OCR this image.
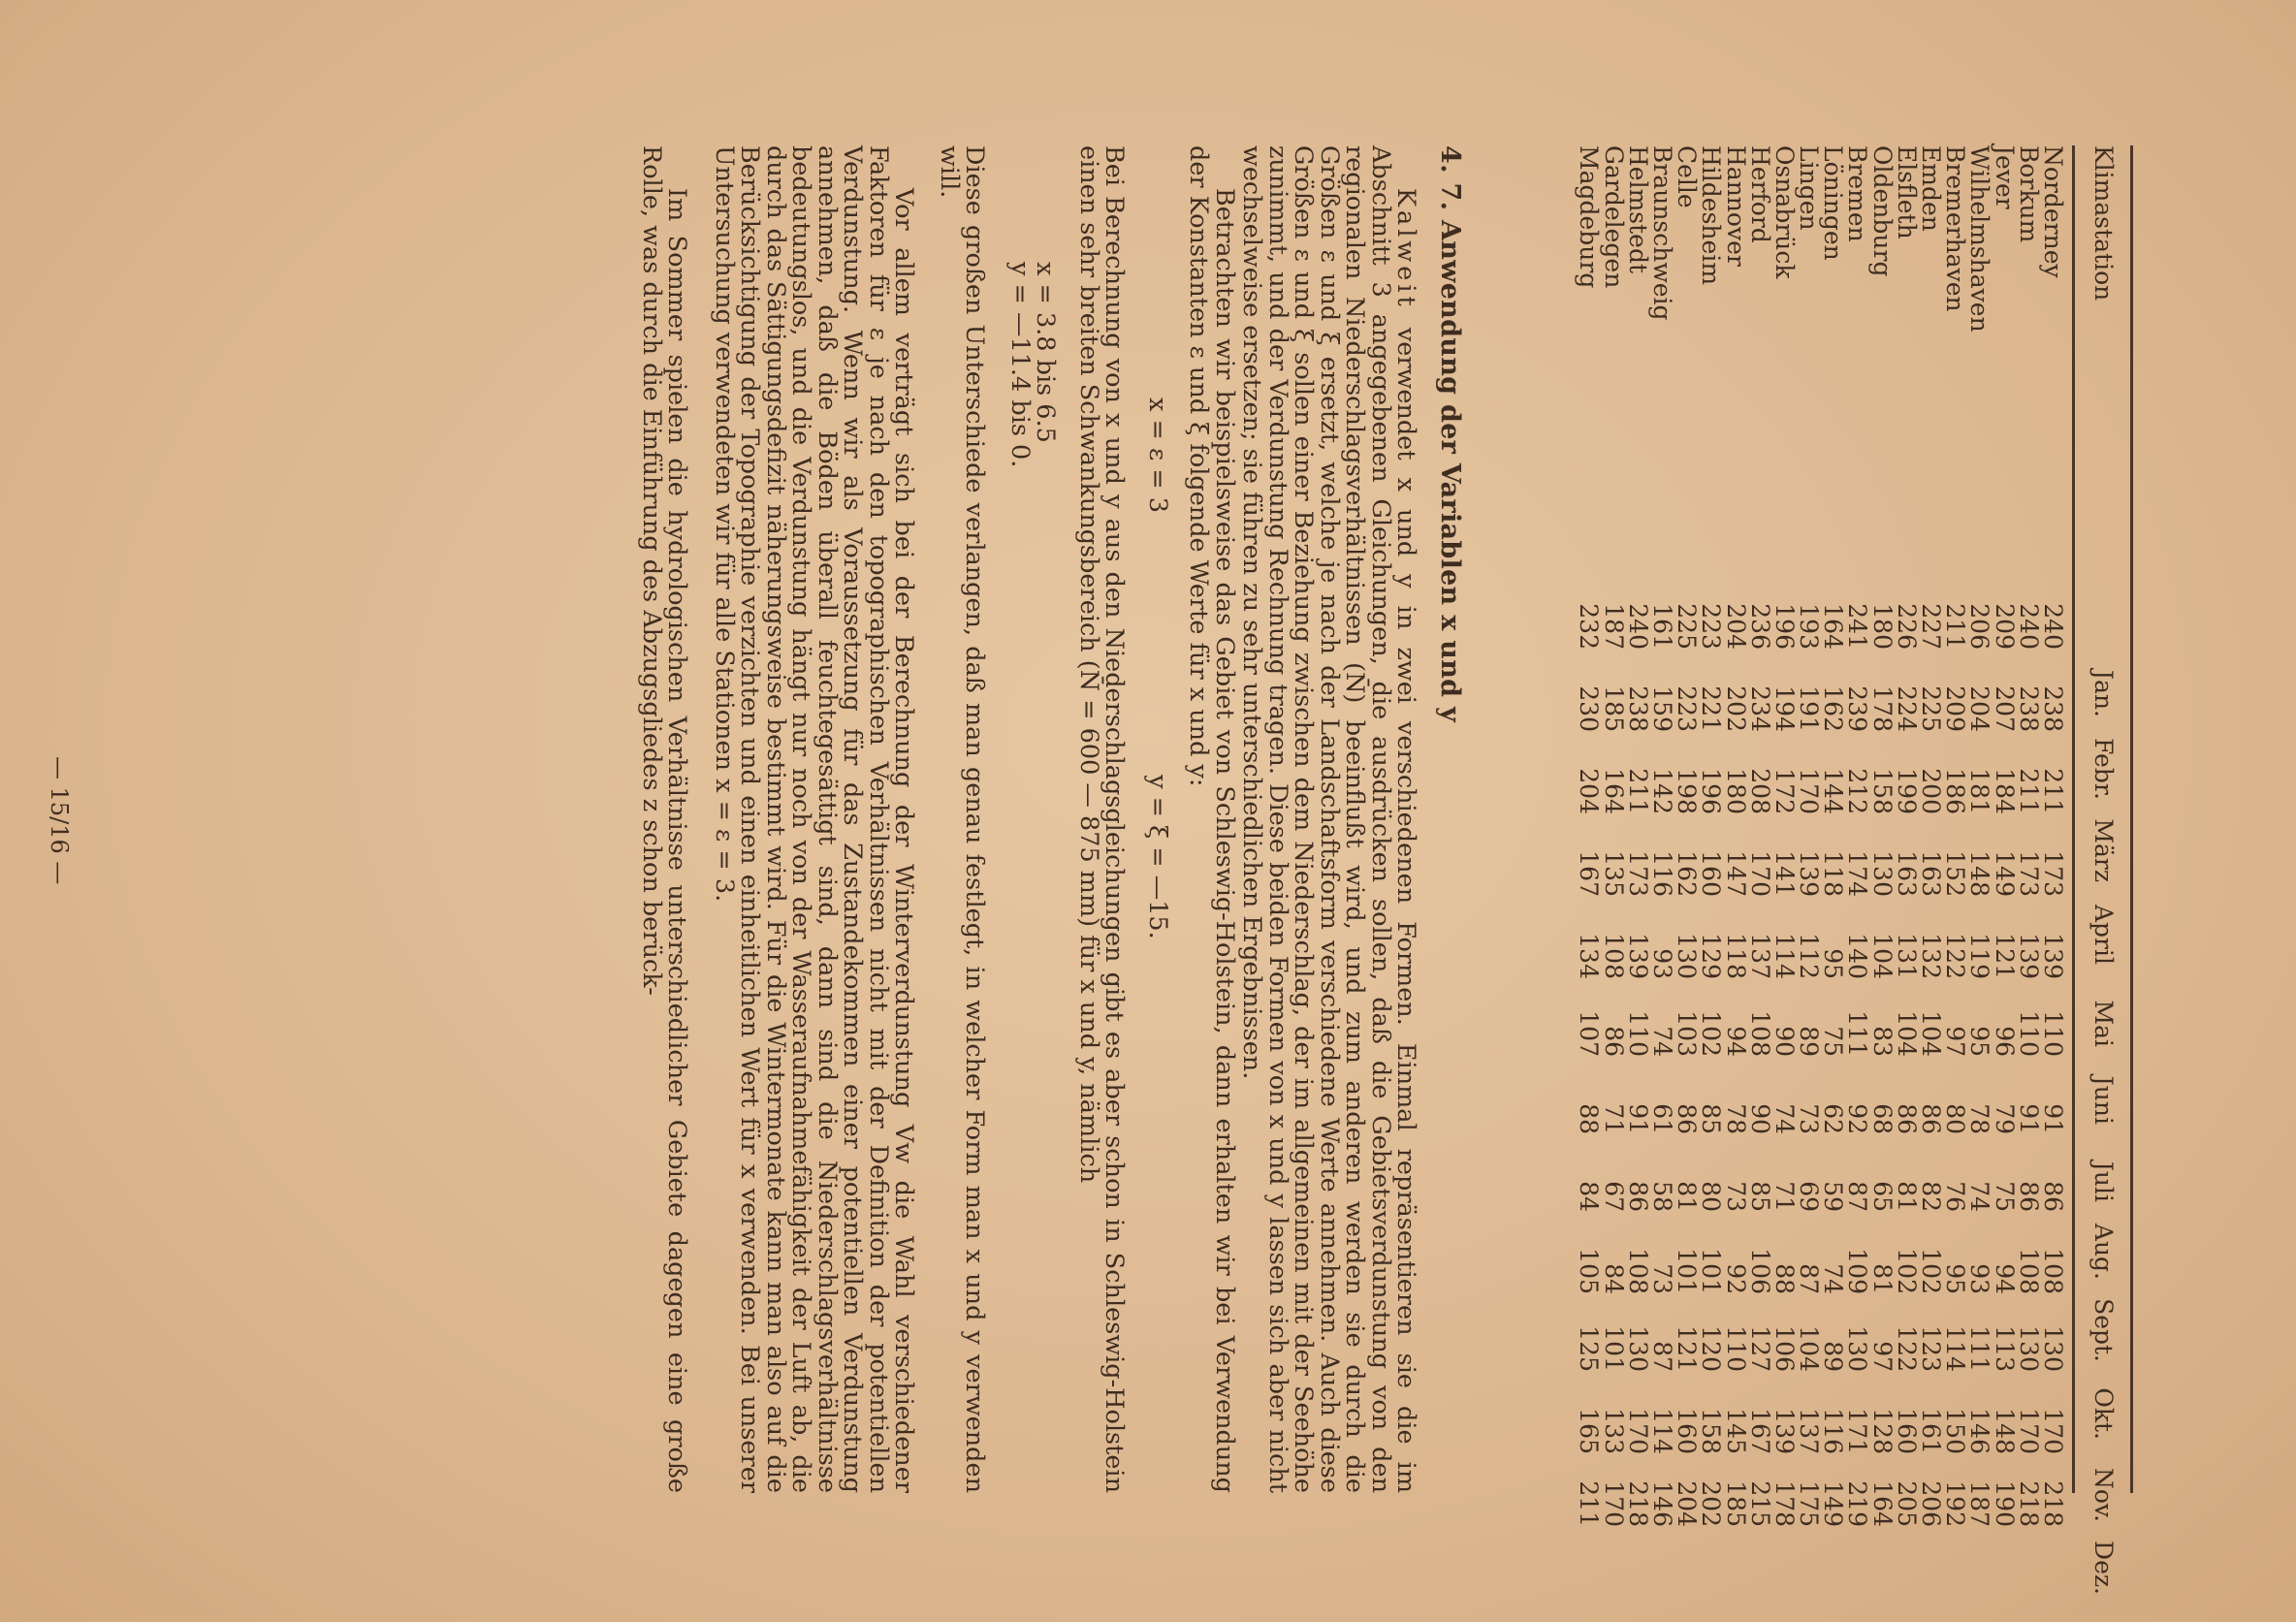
Klimastation
Jan.
Febr.
März
April
Mai
Juni
Juli
Aug.
Sept.
Okt.
Nov.
Dez.
Norderney
240
238
211
173
139
110
91
86
108
130
170
218
Borkum
240
238
211
173
139
110
91
86
108
130
170
218
Jever
209
207
184
149
121
96
79
75
94
113
148
190
Wilhelmshaven
206
204
181
148
119
95
78
74
93
111
146
187
Bremerhaven
211
209
186
152
122
97
80
76
95
114
150
192
Emden
227
225
200
163
132
104
86
82
102
123
161
206
Elsfleth
226
224
199
163
131
104
86
81
102
122
160
205
Oldenburg
180
178
158
130
104
83
68
65
81
97
128
164
Bremen
241
239
212
174
140
111
92
87
109
130
171
219
Löningen
164
162
144
118
95
75
62
59
74
89
116
149
Lingen
193
191
170
139
112
89
73
69
87
104
137
175
Osnabrück
196
194
172
141
114
90
74
71
88
106
139
178
Herford
236
234
208
170
137
108
90
85
106
127
167
215
Hannover
204
202
180
147
118
94
78
73
92
110
145
185
Hildesheim
223
221
196
160
129
102
85
80
101
120
158
202
Celle
225
223
198
162
130
103
86
81
101
121
160
204
Braunschweig
161
159
142
116
93
74
61
58
73
87
114
146
Helmstedt
240
238
211
173
139
110
91
86
108
130
170
218
Gardelegen
187
185
164
135
108
86
71
67
84
101
133
170
Magdeburg
232
230
204
167
134
107
88
84
105
125
165
211
4. 7. Anwendung der Variablen x und y

Kalweit verwendet x und y in zwei verschiedenen Formen. Einmal repräsentieren sie die im Abschnitt 3 angegebenen Gleichungen, die ausdrücken sollen, daß die Gebietsverdunstung von den regionalen Niederschlagsverhältnissen (N̄) beeinflußt wird, und zum anderen werden sie durch die Größen ε und ξ ersetzt, welche je nach der Landschaftsform verschiedene Werte annehmen. Auch diese Größen ε und ξ sollen einer Beziehung zwischen dem Niederschlag, der im allgemeinen mit der Seehöhe zunimmt, und der Verdunstung Rechnung tragen. Diese beiden Formen von x und y lassen sich aber nicht wechselweise ersetzen; sie führen zu sehr unterschiedlichen Ergebnissen.

Betrachten wir beispielsweise das Gebiet von Schleswig-Holstein, dann erhalten wir bei Verwendung der Konstanten ε und ξ folgende Werte für x und y:

x = ε = 3 y = ξ = —15.

Bei Berechnung von x und y aus den Niederschlagsgleichungen gibt es aber schon in Schleswig-Holstein einen sehr breiten Schwankungsbereich (N̄ = 600 — 875 mm) für x und y, nämlich

x = 3.8 bis 6.5
y = —11.4 bis 0.

Diese großen Unterschiede verlangen, daß man genau festlegt, in welcher Form man x und y verwenden will.

Vor allem verträgt sich bei der Berechnung der Winterverdunstung Vw die Wahl verschiedener Faktoren für ε je nach den topographischen Verhältnissen nicht mit der Definition der potentiellen Verdunstung. Wenn wir als Voraussetzung für das Zustandekommen einer potentiellen Verdunstung annehmen, daß die Böden überall feuchtegesättigt sind, dann sind die Niederschlagsverhältnisse bedeutungslos, und die Verdunstung hängt nur noch von der Wasseraufnahmefähigkeit der Luft ab, die durch das Sättigungsdefizit näherungsweise bestimmt wird. Für die Wintermonate kann man also auf die Berücksichtigung der Topographie verzichten und einen einheitlichen Wert für x verwenden. Bei unserer Untersuchung verwendeten wir für alle Stationen x = ε = 3.

Im Sommer spielen die hydrologischen Verhältnisse unterschiedlicher Gebiete dagegen eine große Rolle, was durch die Einführung des Abzugsgliedes z schon berück-

— 15/16 —
